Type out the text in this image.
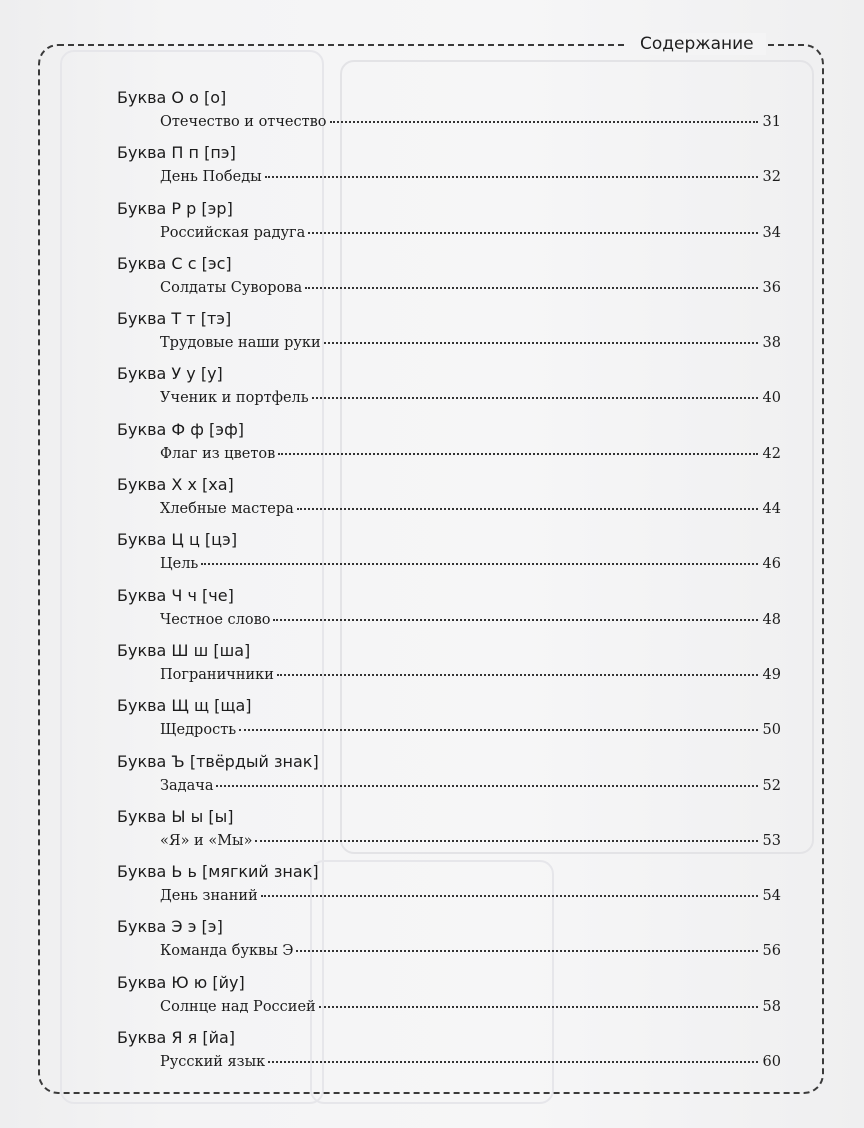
Содержание
Буква О о [о]
Отечество и отчество	31
Буква П п [пэ]
День Победы	32
Буква Р р [эр]
Российская радуга	34
Буква С с [эс]
Солдаты Суворова	36
Буква Т т [тэ]
Трудовые наши руки	38
Буква У у [у]
Ученик и портфель	40
Буква Ф ф [эф]
Флаг из цветов	42
Буква Х х [ха]
Хлебные мастера	44
Буква Ц ц [цэ]
Цель	46
Буква Ч ч [че]
Честное слово	48
Буква Ш ш [ша]
Пограничники	49
Буква Щ щ [ща]
Щедрость	50
Буква Ъ [твёрдый знак]
Задача	52
Буква Ы ы [ы]
«Я» и «Мы»	53
Буква Ь ь [мягкий знак]
День знаний	54
Буква Э э [э]
Команда буквы Э	56
Буква Ю ю [йу]
Солнце над Россией	58
Буква Я я [йа]
Русский язык	60
